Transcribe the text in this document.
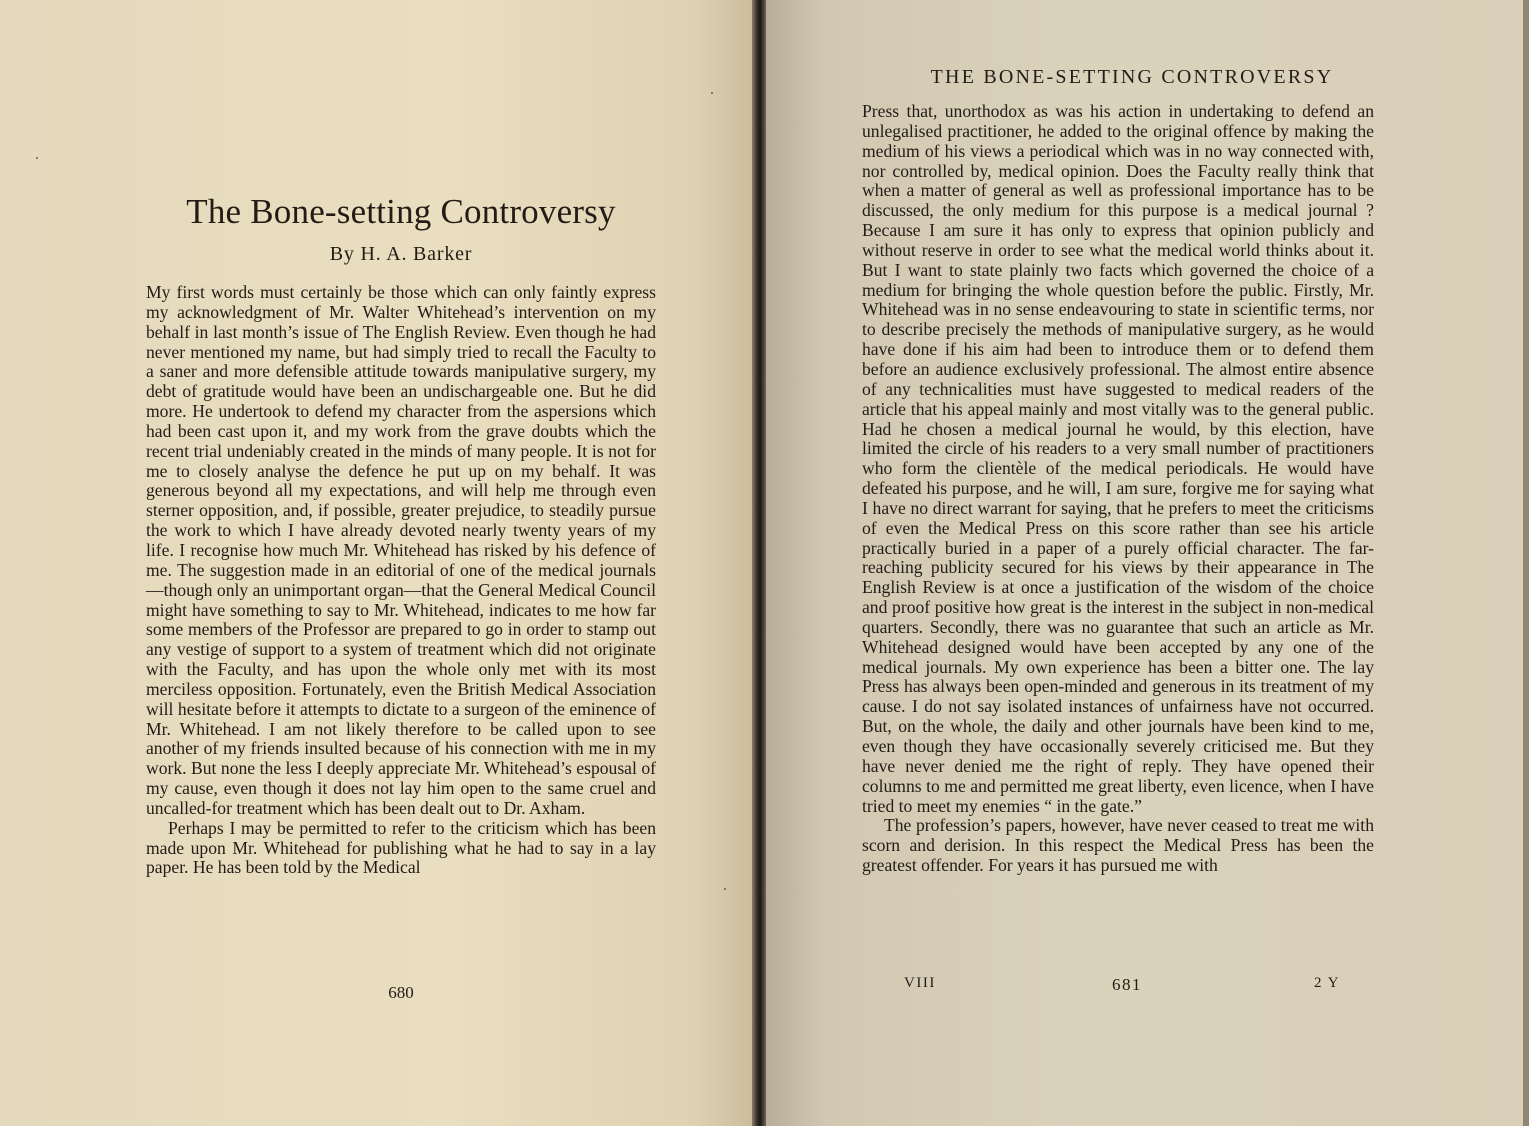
The Bone-setting Controversy

By H. A. Barker

My first words must certainly be those which can only faintly express my acknowledgment of Mr. Walter Whitehead’s intervention on my behalf in last month’s issue of The English Review. Even though he had never mentioned my name, but had simply tried to recall the Faculty to a saner and more defensible attitude towards manipulative surgery, my debt of gratitude would have been an undischargeable one. But he did more. He undertook to defend my character from the aspersions which had been cast upon it, and my work from the grave doubts which the recent trial undeniably created in the minds of many people. It is not for me to closely analyse the defence he put up on my behalf. It was generous beyond all my expectations, and will help me through even sterner opposition, and, if possible, greater prejudice, to steadily pursue the work to which I have already devoted nearly twenty years of my life. I recognise how much Mr. Whitehead has risked by his defence of me. The suggestion made in an editorial of one of the medical journals—though only an unimportant organ—that the General Medical Council might have something to say to Mr. Whitehead, indicates to me how far some members of the Professor are prepared to go in order to stamp out any vestige of support to a system of treatment which did not originate with the Faculty, and has upon the whole only met with its most merciless opposition. Fortunately, even the British Medical Association will hesitate before it attempts to dictate to a surgeon of the eminence of Mr. Whitehead. I am not likely therefore to be called upon to see another of my friends insulted because of his connection with me in my work. But none the less I deeply appreciate Mr. Whitehead’s espousal of my cause, even though it does not lay him open to the same cruel and uncalled-for treatment which has been dealt out to Dr. Axham.

Perhaps I may be permitted to refer to the criticism which has been made upon Mr. Whitehead for publishing what he had to say in a lay paper. He has been told by the Medical

680

THE BONE-SETTING CONTROVERSY

Press that, unorthodox as was his action in undertaking to defend an unlegalised practitioner, he added to the original offence by making the medium of his views a periodical which was in no way connected with, nor controlled by, medical opinion. Does the Faculty really think that when a matter of general as well as professional importance has to be discussed, the only medium for this purpose is a medical journal ? Because I am sure it has only to express that opinion publicly and without reserve in order to see what the medical world thinks about it. But I want to state plainly two facts which governed the choice of a medium for bringing the whole question before the public. Firstly, Mr. Whitehead was in no sense endeavouring to state in scientific terms, nor to describe precisely the methods of manipulative surgery, as he would have done if his aim had been to introduce them or to defend them before an audience exclusively professional. The almost entire absence of any technicalities must have suggested to medical readers of the article that his appeal mainly and most vitally was to the general public. Had he chosen a medical journal he would, by this election, have limited the circle of his readers to a very small number of practitioners who form the clientèle of the medical periodicals. He would have defeated his purpose, and he will, I am sure, forgive me for saying what I have no direct warrant for saying, that he prefers to meet the criticisms of even the Medical Press on this score rather than see his article practically buried in a paper of a purely official character. The far-reaching publicity secured for his views by their appearance in The English Review is at once a justification of the wisdom of the choice and proof positive how great is the interest in the subject in non-medical quarters. Secondly, there was no guarantee that such an article as Mr. Whitehead designed would have been accepted by any one of the medical journals. My own experience has been a bitter one. The lay Press has always been open-minded and generous in its treatment of my cause. I do not say isolated instances of unfairness have not occurred. But, on the whole, the daily and other journals have been kind to me, even though they have occasionally severely criticised me. But they have never denied me the right of reply. They have opened their columns to me and permitted me great liberty, even licence, when I have tried to meet my enemies “ in the gate.”

The profession’s papers, however, have never ceased to treat me with scorn and derision. In this respect the Medical Press has been the greatest offender. For years it has pursued me with

VIII	681	2 Y
